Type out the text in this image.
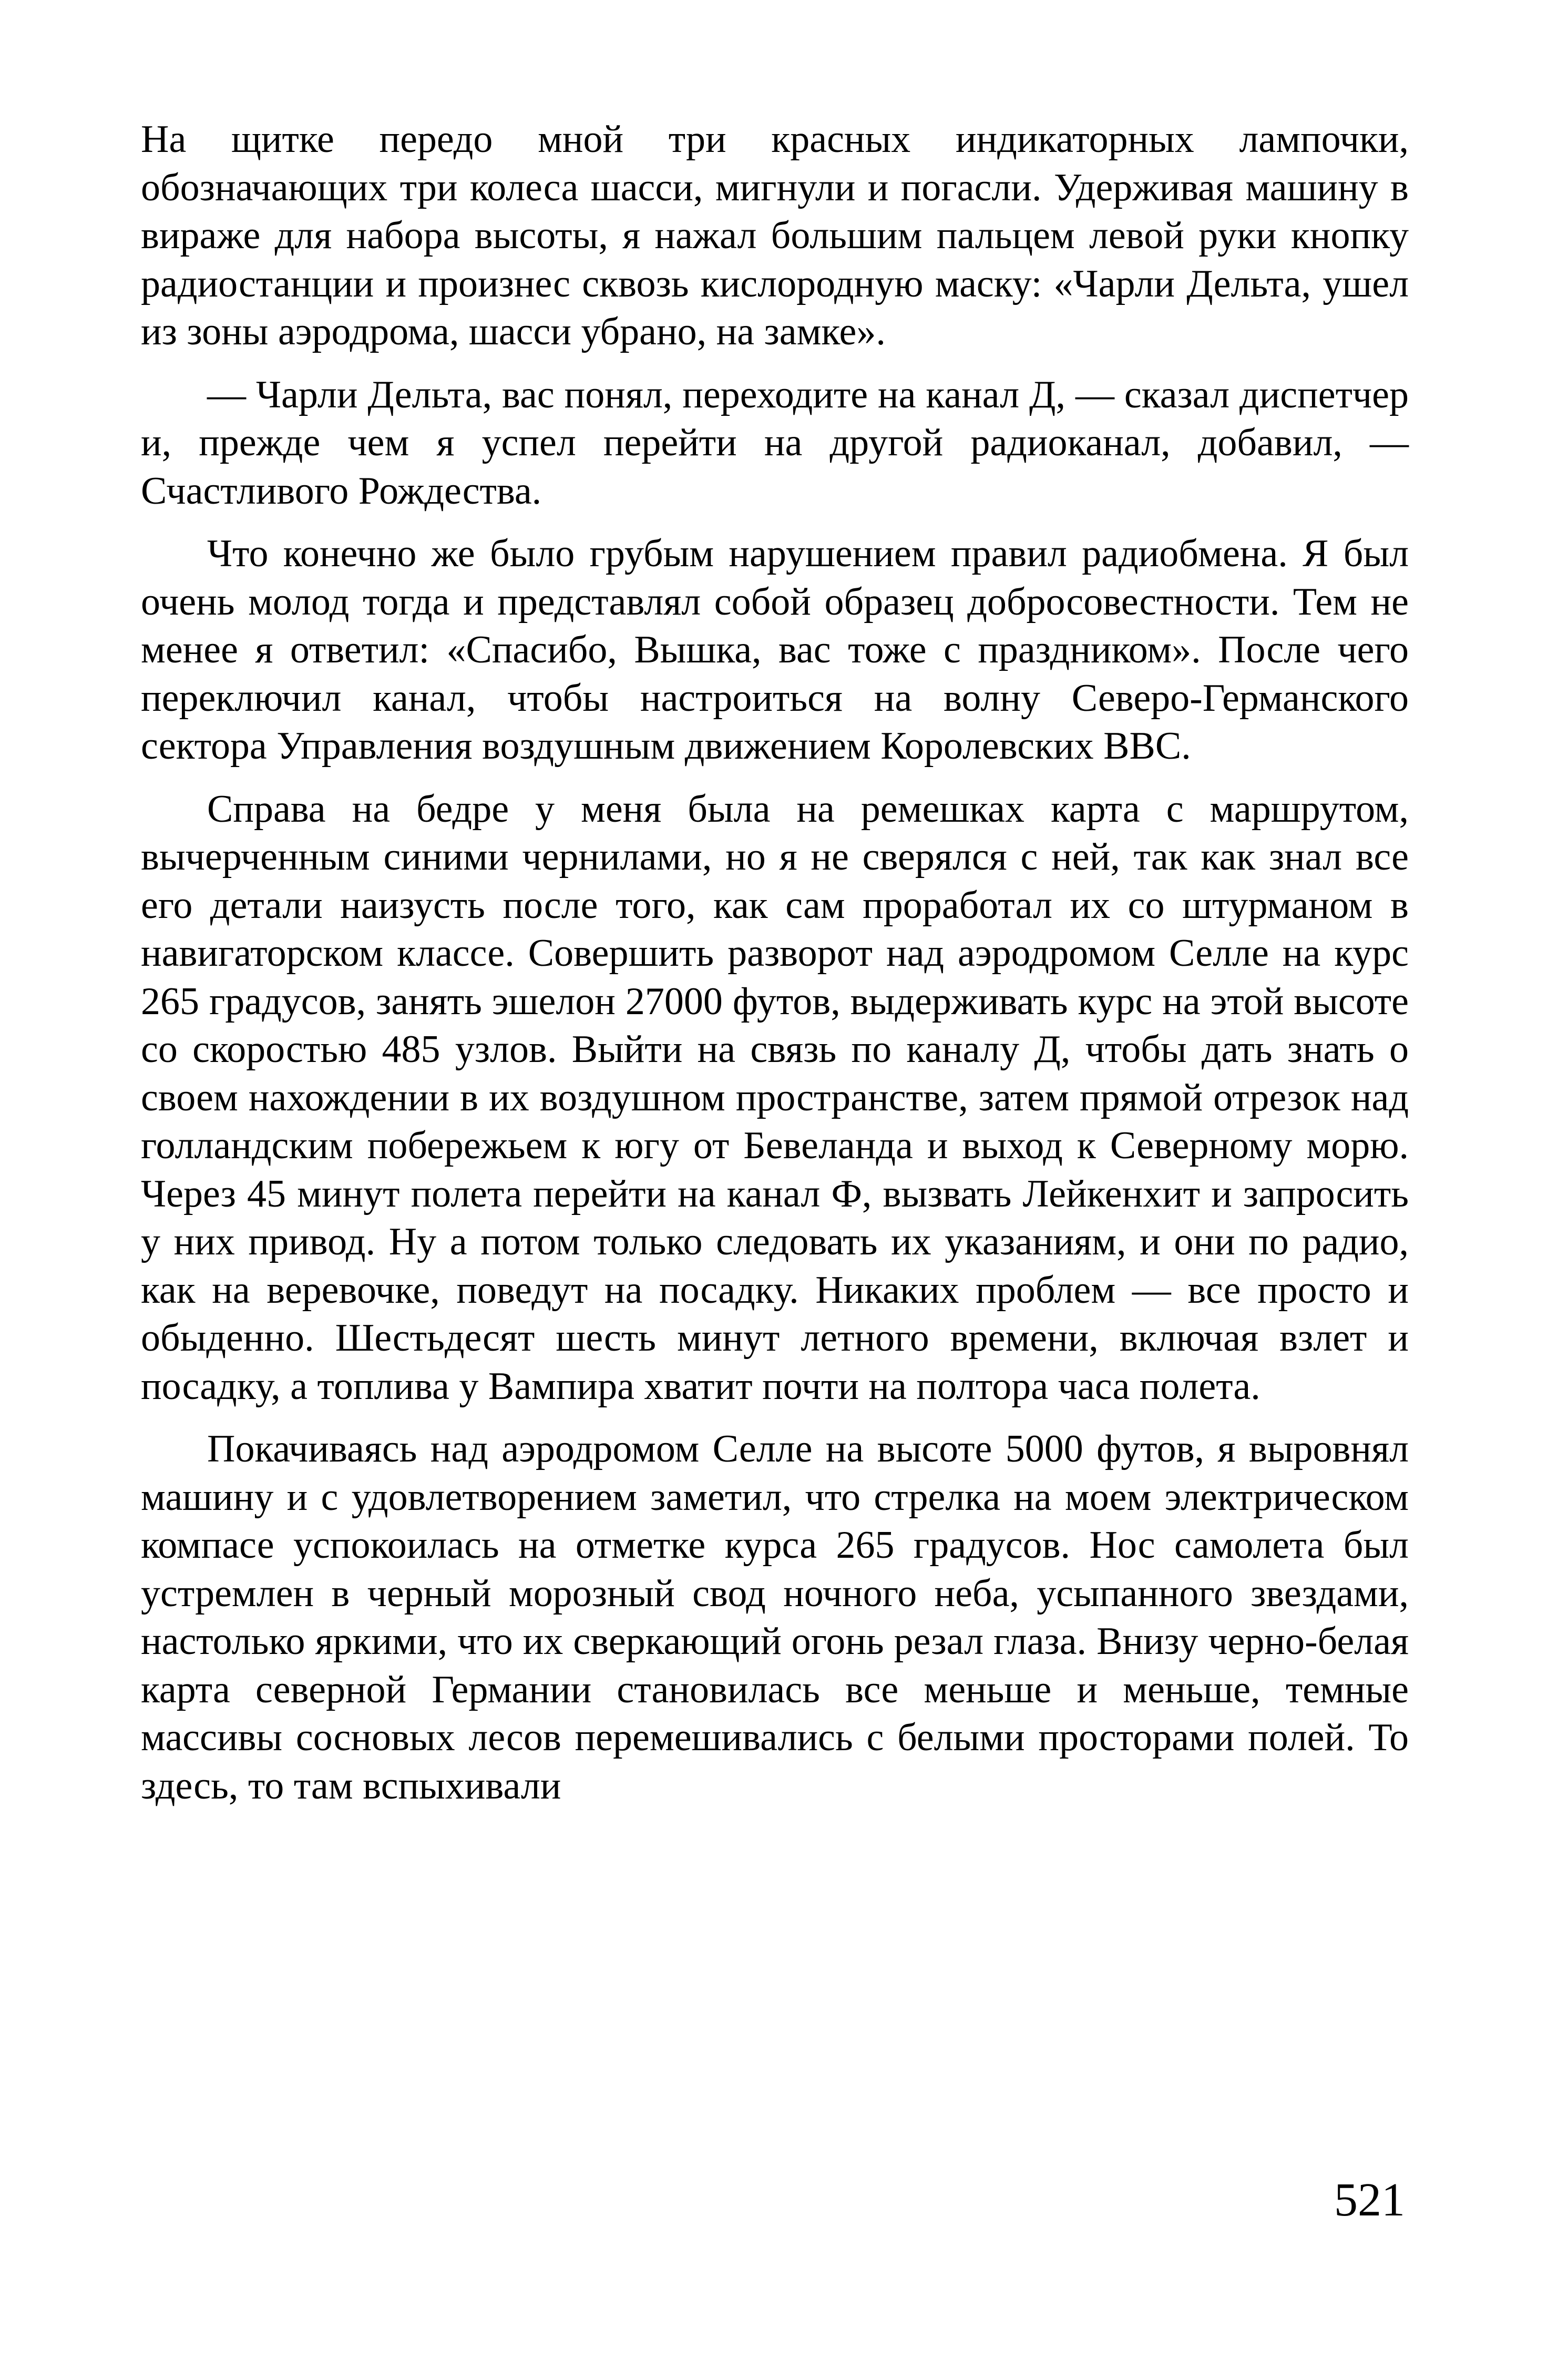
На щитке передо мной три красных индикаторных лампочки, обозначающих три колеса шасси, мигнули и погасли. Удерживая машину в вираже для набора высоты, я нажал большим пальцем левой руки кнопку радиостанции и произнес сквозь кислородную маску: «Чарли Дельта, ушел из зоны аэродрома, шасси убрано, на замке».

— Чарли Дельта, вас понял, переходите на канал Д, — сказал диспетчер и, прежде чем я успел перейти на другой радиоканал, добавил, — Счастливого Рождества.

Что конечно же было грубым нарушением правил радиобмена. Я был очень молод тогда и представлял собой образец добросовестности. Тем не менее я ответил: «Спасибо, Вышка, вас тоже с праздником». После чего переключил канал, чтобы настроиться на волну Северо-Германского сектора Управления воздушным движением Королевских ВВС.

Справа на бедре у меня была на ремешках карта с маршрутом, вычерченным синими чернилами, но я не сверялся с ней, так как знал все его детали наизусть после того, как сам проработал их со штурманом в навигаторском классе. Совершить разворот над аэродромом Селле на курс 265 градусов, занять эшелон 27000 футов, выдерживать курс на этой высоте со скоростью 485 узлов. Выйти на связь по каналу Д, чтобы дать знать о своем нахождении в их воздушном пространстве, затем прямой отрезок над голландским побережьем к югу от Бевеланда и выход к Северному морю. Через 45 минут полета перейти на канал Ф, вызвать Лейкенхит и запросить у них привод. Ну а потом только следовать их указаниям, и они по радио, как на веревочке, поведут на посадку. Никаких проблем — все просто и обыденно. Шестьдесят шесть минут летного времени, включая взлет и посадку, а топлива у Вампира хватит почти на полтора часа полета.

Покачиваясь над аэродромом Селле на высоте 5000 футов, я выровнял машину и с удовлетворением заметил, что стрелка на моем электрическом компасе успокоилась на отметке курса 265 градусов. Нос самолета был устремлен в черный морозный свод ночного неба, усыпанного звездами, настолько яркими, что их сверкающий огонь резал глаза. Внизу черно-белая карта северной Германии становилась все меньше и меньше, темные массивы сосновых лесов перемешивались с белыми просторами полей. То здесь, то там вспыхивали

521
